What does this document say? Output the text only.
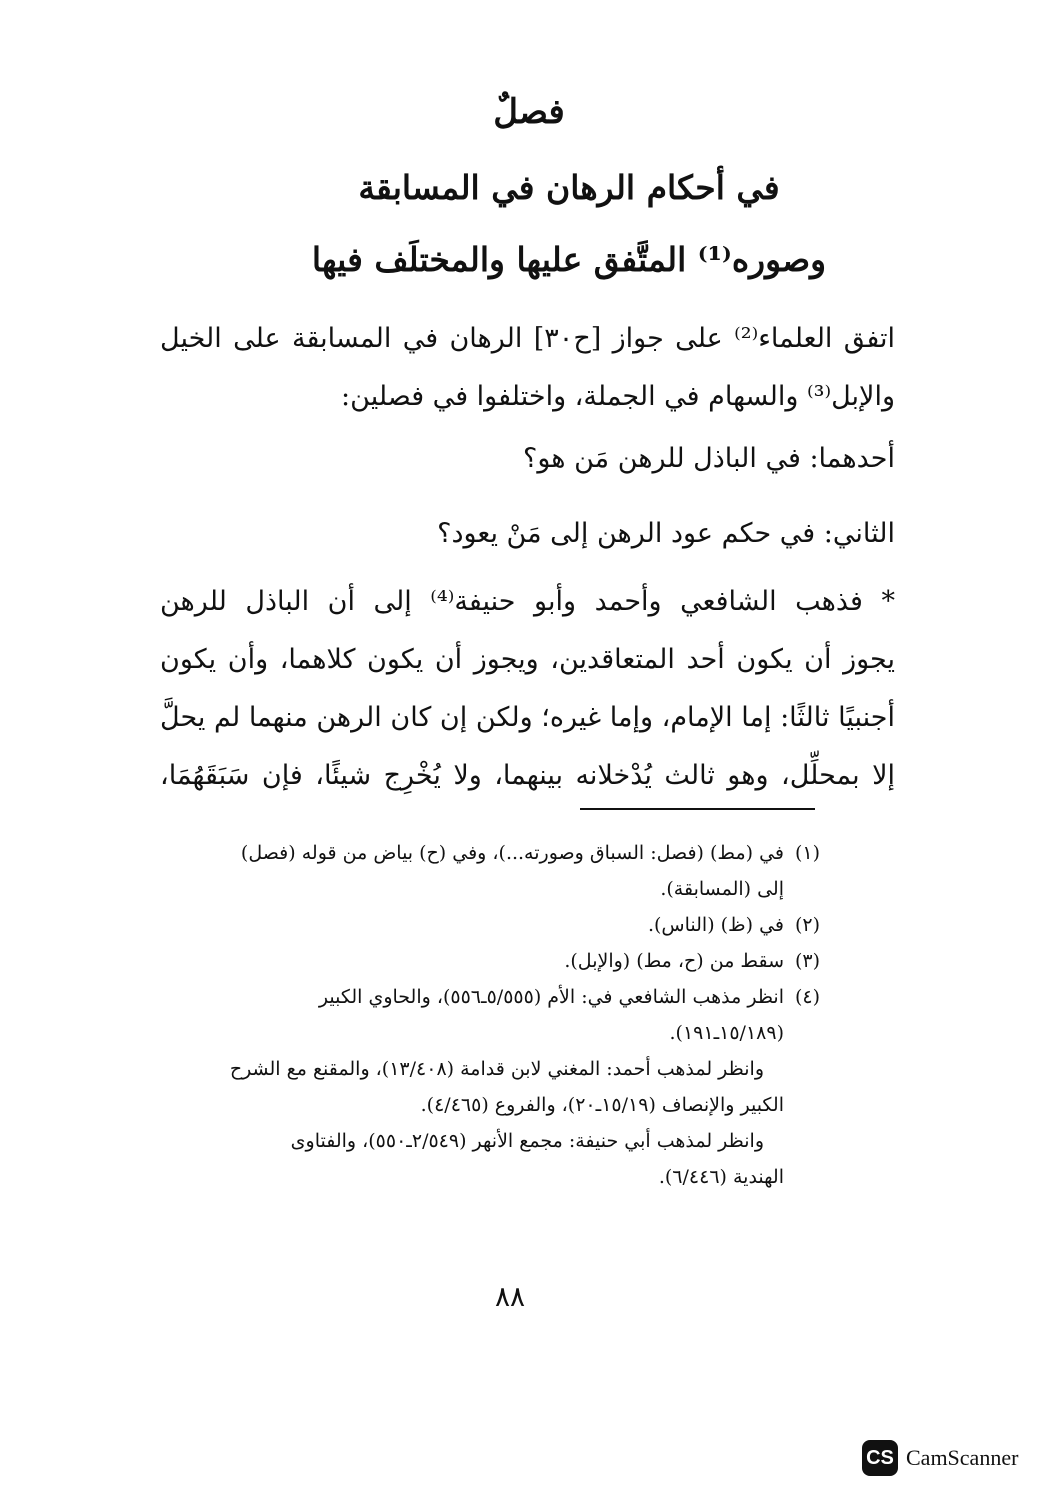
فصلٌ
في أحكام الرهان في المسابقة
وصوره⁽¹⁾ المتَّفق عليها والمختلَف فيها

اتفق العلماء⁽²⁾ على جواز [ح٣٠] الرهان في المسابقة على الخيل
والإبل⁽³⁾ والسهام في الجملة، واختلفوا في فصلين:

أحدهما: في الباذل للرهن مَن هو؟

الثاني: في حكم عود الرهن إلى مَنْ يعود؟

* فذهب الشافعي وأحمد وأبو حنيفة⁽⁴⁾ إلى أن الباذل للرهن
يجوز أن يكون أحد المتعاقدين، ويجوز أن يكون كلاهما، وأن يكون
أجنبيًا ثالثًا: إما الإمام، وإما غيره؛ ولكن إن كان الرهن منهما لم يحلَّ
إلا بمحلِّل، وهو ثالث يُدْخلانه بينهما، ولا يُخْرِج شيئًا، فإن سَبَقَهُمَا،

(١)في (مط) (فصل: السباق وصورته...)، وفي (ح) بياض من قوله (فصل)
إلى (المسابقة).
(٢)في (ظ) (الناس).
(٣)سقط من (ح، مط) (والإبل).
(٤)انظر مذهب الشافعي في: الأم (٥/٥٥٥ـ٥٥٦)، والحاوي الكبير
(١٥/١٨٩ـ١٩١).
وانظر لمذهب أحمد: المغني لابن قدامة (١٣/٤٠٨)، والمقنع مع الشرح
الكبير والإنصاف (١٥/١٩ـ٢٠)، والفروع (٤/٤٦٥).
وانظر لمذهب أبي حنيفة: مجمع الأنهر (٢/٥٤٩ـ٥٥٠)، والفتاوى
الهندية (٦/٤٤٦).

٨٨

CS CamScanner
